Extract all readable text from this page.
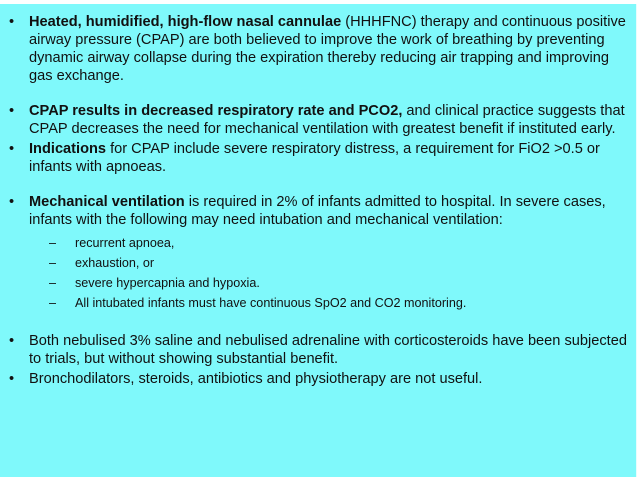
•	Heated, humidified, high-flow nasal cannulae (HHHFNC) therapy and continuous positive airway pressure (CPAP) are both believed to improve the work of breathing by preventing dynamic airway collapse during the expiration thereby reducing air trapping and improving gas exchange.
•	CPAP results in decreased respiratory rate and PCO2, and clinical practice suggests that CPAP decreases the need for mechanical ventilation with greatest benefit if instituted early.
•	Indications for CPAP include severe respiratory distress, a requirement for FiO2 >0.5 or infants with apnoeas.
•	Mechanical ventilation is required in 2% of infants admitted to hospital. In severe cases, infants with the following may need intubation and mechanical ventilation:
– recurrent apnoea,
– exhaustion, or
– severe hypercapnia and hypoxia.
– All intubated infants must have continuous SpO2 and CO2 monitoring.
•	Both nebulised 3% saline and nebulised adrenaline with corticosteroids have been subjected to trials, but without showing substantial benefit.
•	Bronchodilators, steroids, antibiotics and physiotherapy are not useful.
